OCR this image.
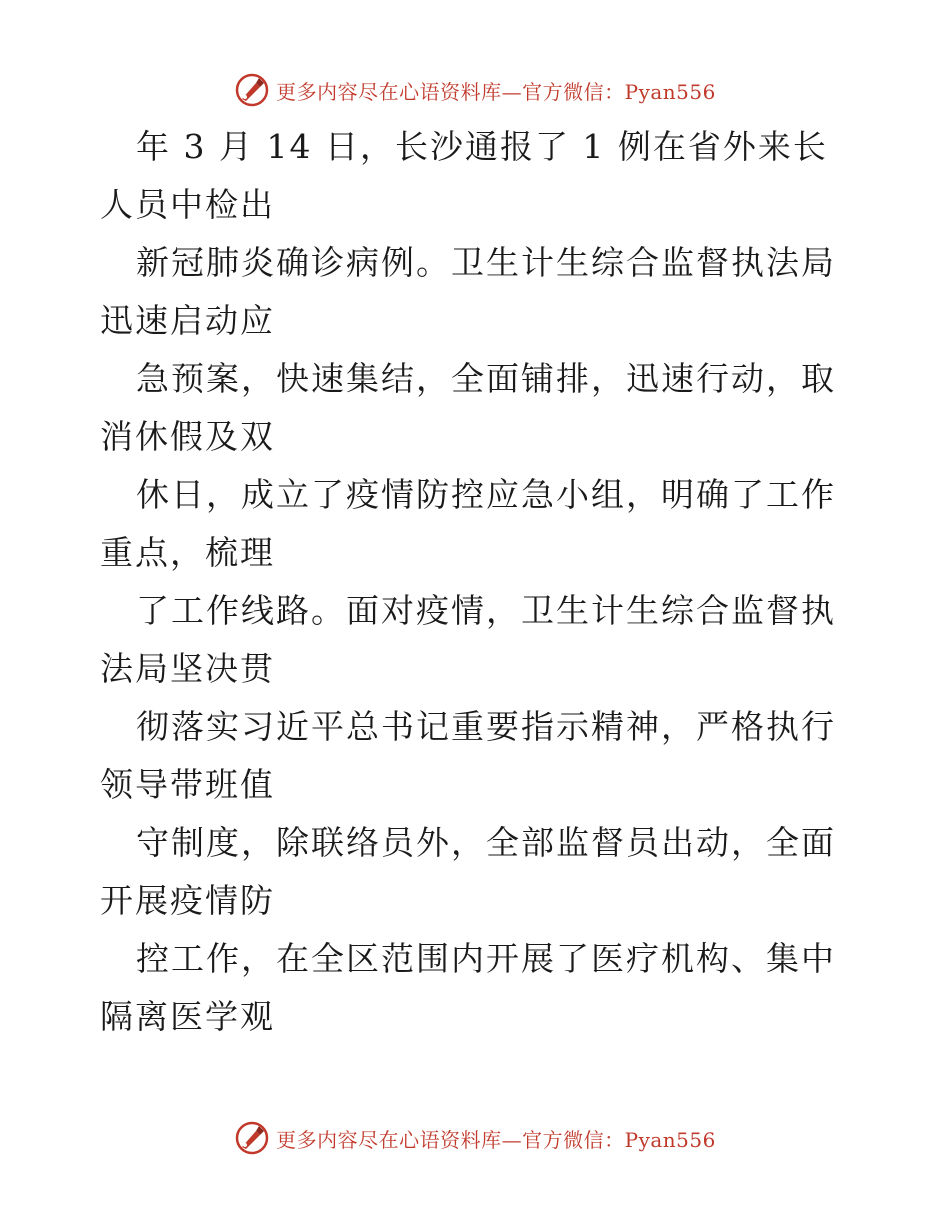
更多内容尽在心语资料库—官方微信：Pyan556

年 3 月 14 日，长沙通报了 1 例在省外来长人员中检出

新冠肺炎确诊病例。卫生计生综合监督执法局迅速启动应

急预案，快速集结，全面铺排，迅速行动，取消休假及双

休日，成立了疫情防控应急小组，明确了工作重点，梳理

了工作线路。面对疫情，卫生计生综合监督执法局坚决贯

彻落实习近平总书记重要指示精神，严格执行领导带班值

守制度，除联络员外，全部监督员出动，全面开展疫情防

控工作，在全区范围内开展了医疗机构、集中隔离医学观

更多内容尽在心语资料库—官方微信：Pyan556
